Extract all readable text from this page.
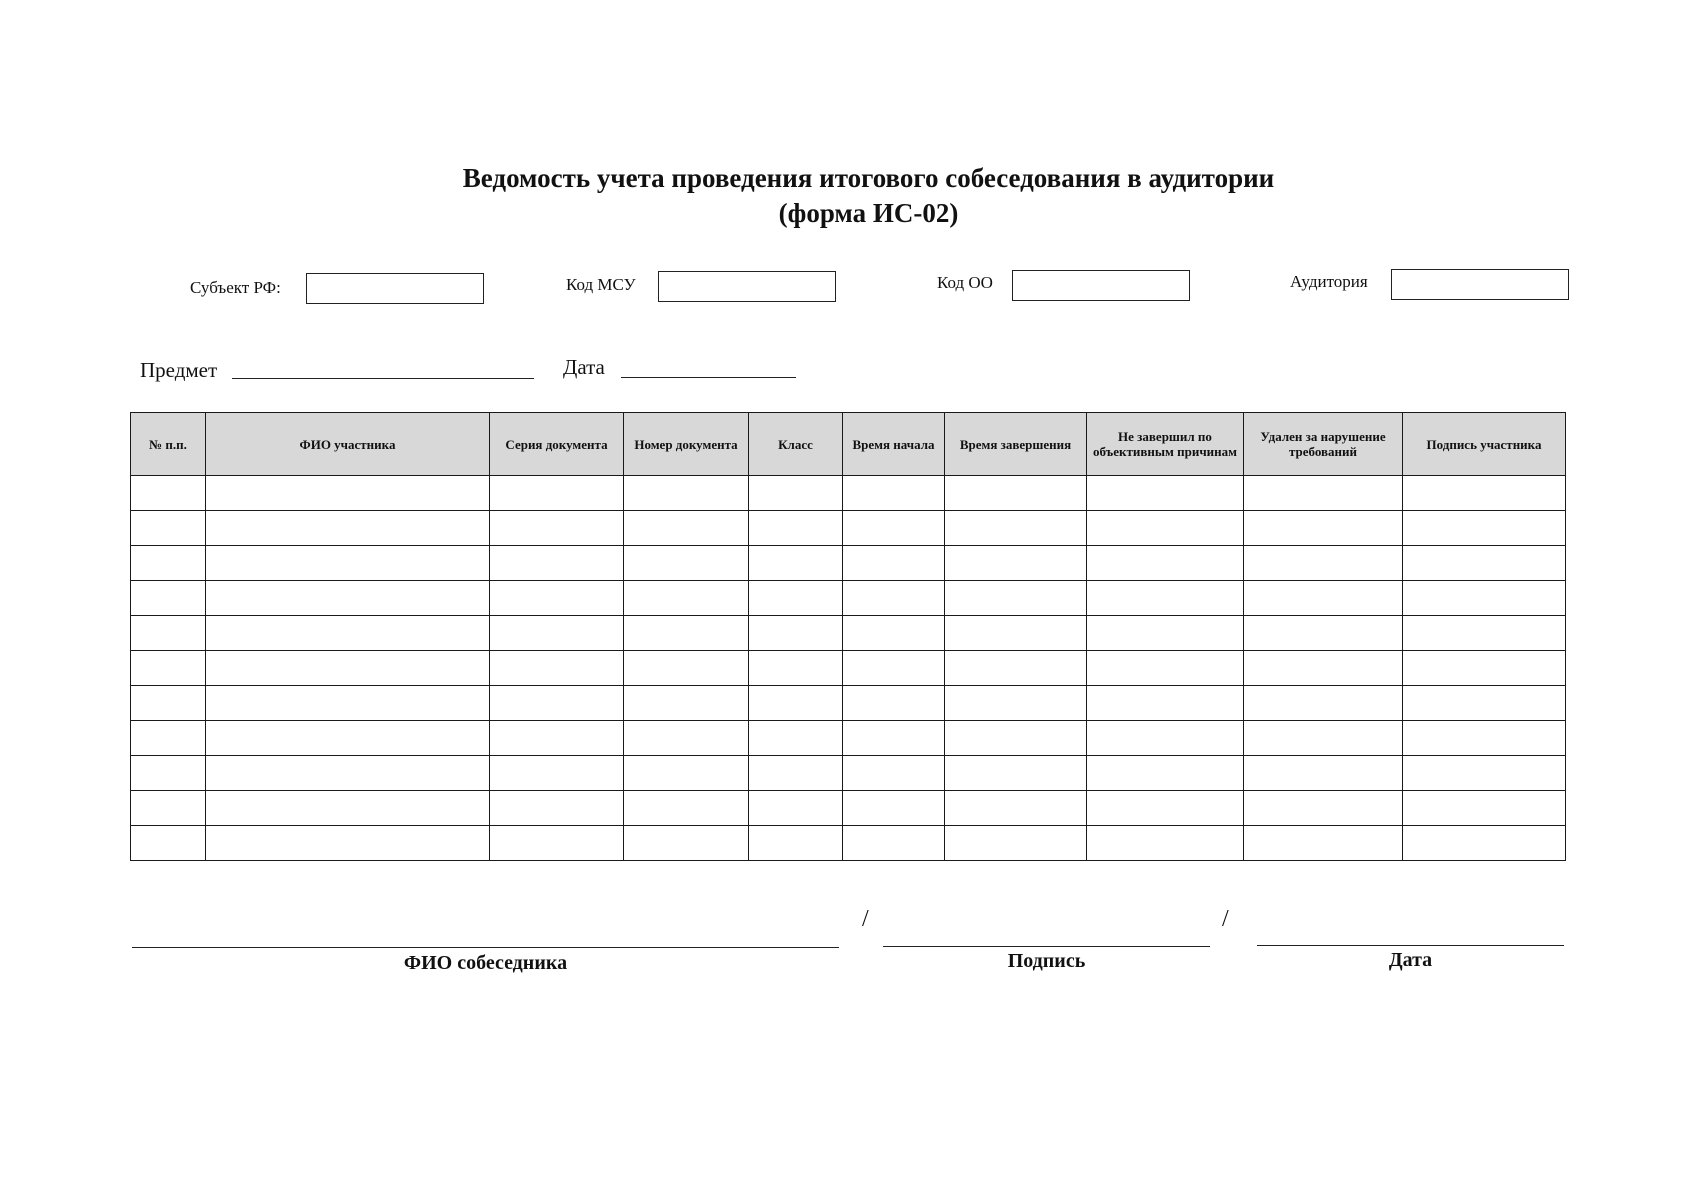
Ведомость учета проведения итогового собеседования в аудитории
(форма ИС-02)
Субъект РФ:	Код МСУ	Код ОО	Аудитория
Предмет	Дата
№ п.п.	ФИО участника	Серия документа	Номер документа	Класс	Время начала	Время завершения	Не завершил по объективным причинам	Удален за нарушение требований	Подпись участника

/	/
ФИО собеседника	Подпись	Дата
